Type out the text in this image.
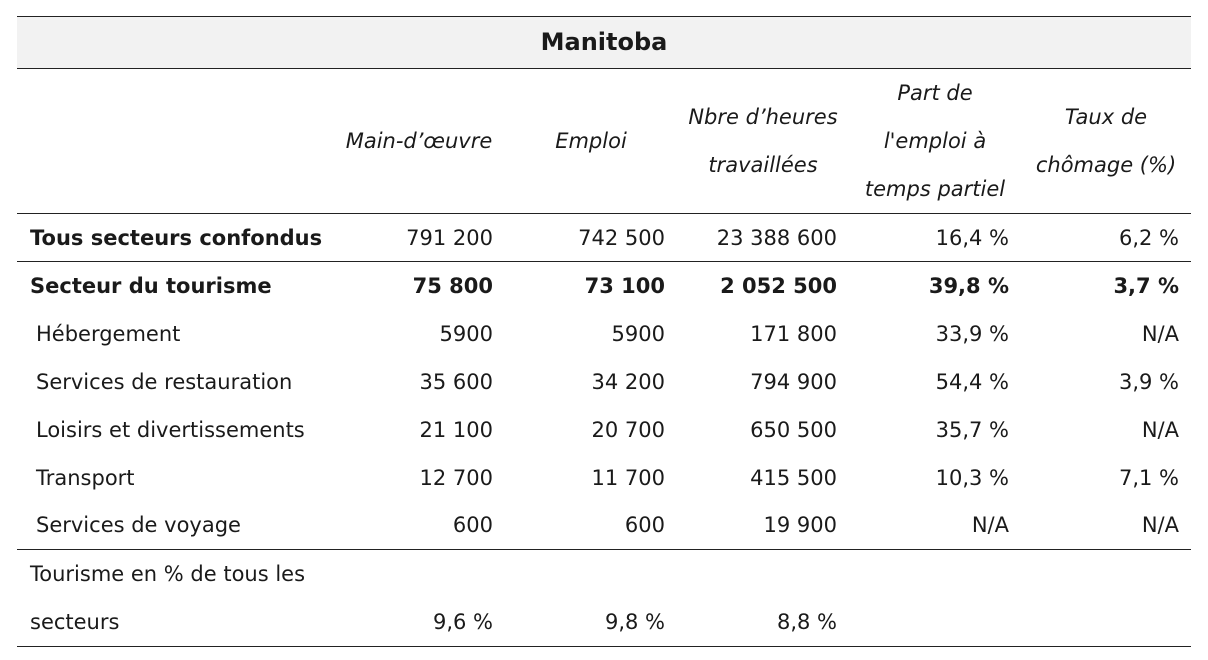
Manitoba
	Main-d’œuvre	Emploi	Nbre d’heures travaillées	Part de l'emploi à temps partiel	Taux de chômage (%)
Tous secteurs confondus	791 200	742 500	23 388 600	16,4 %	6,2 %
Secteur du tourisme	75 800	73 100	2 052 500	39,8 %	3,7 %
Hébergement	5900	5900	171 800	33,9 %	N/A
Services de restauration	35 600	34 200	794 900	54,4 %	3,9 %
Loisirs et divertissements	21 100	20 700	650 500	35,7 %	N/A
Transport	12 700	11 700	415 500	10,3 %	7,1 %
Services de voyage	600	600	19 900	N/A	N/A
Tourisme en % de tous les secteurs	9,6 %	9,8 %	8,8 %		
